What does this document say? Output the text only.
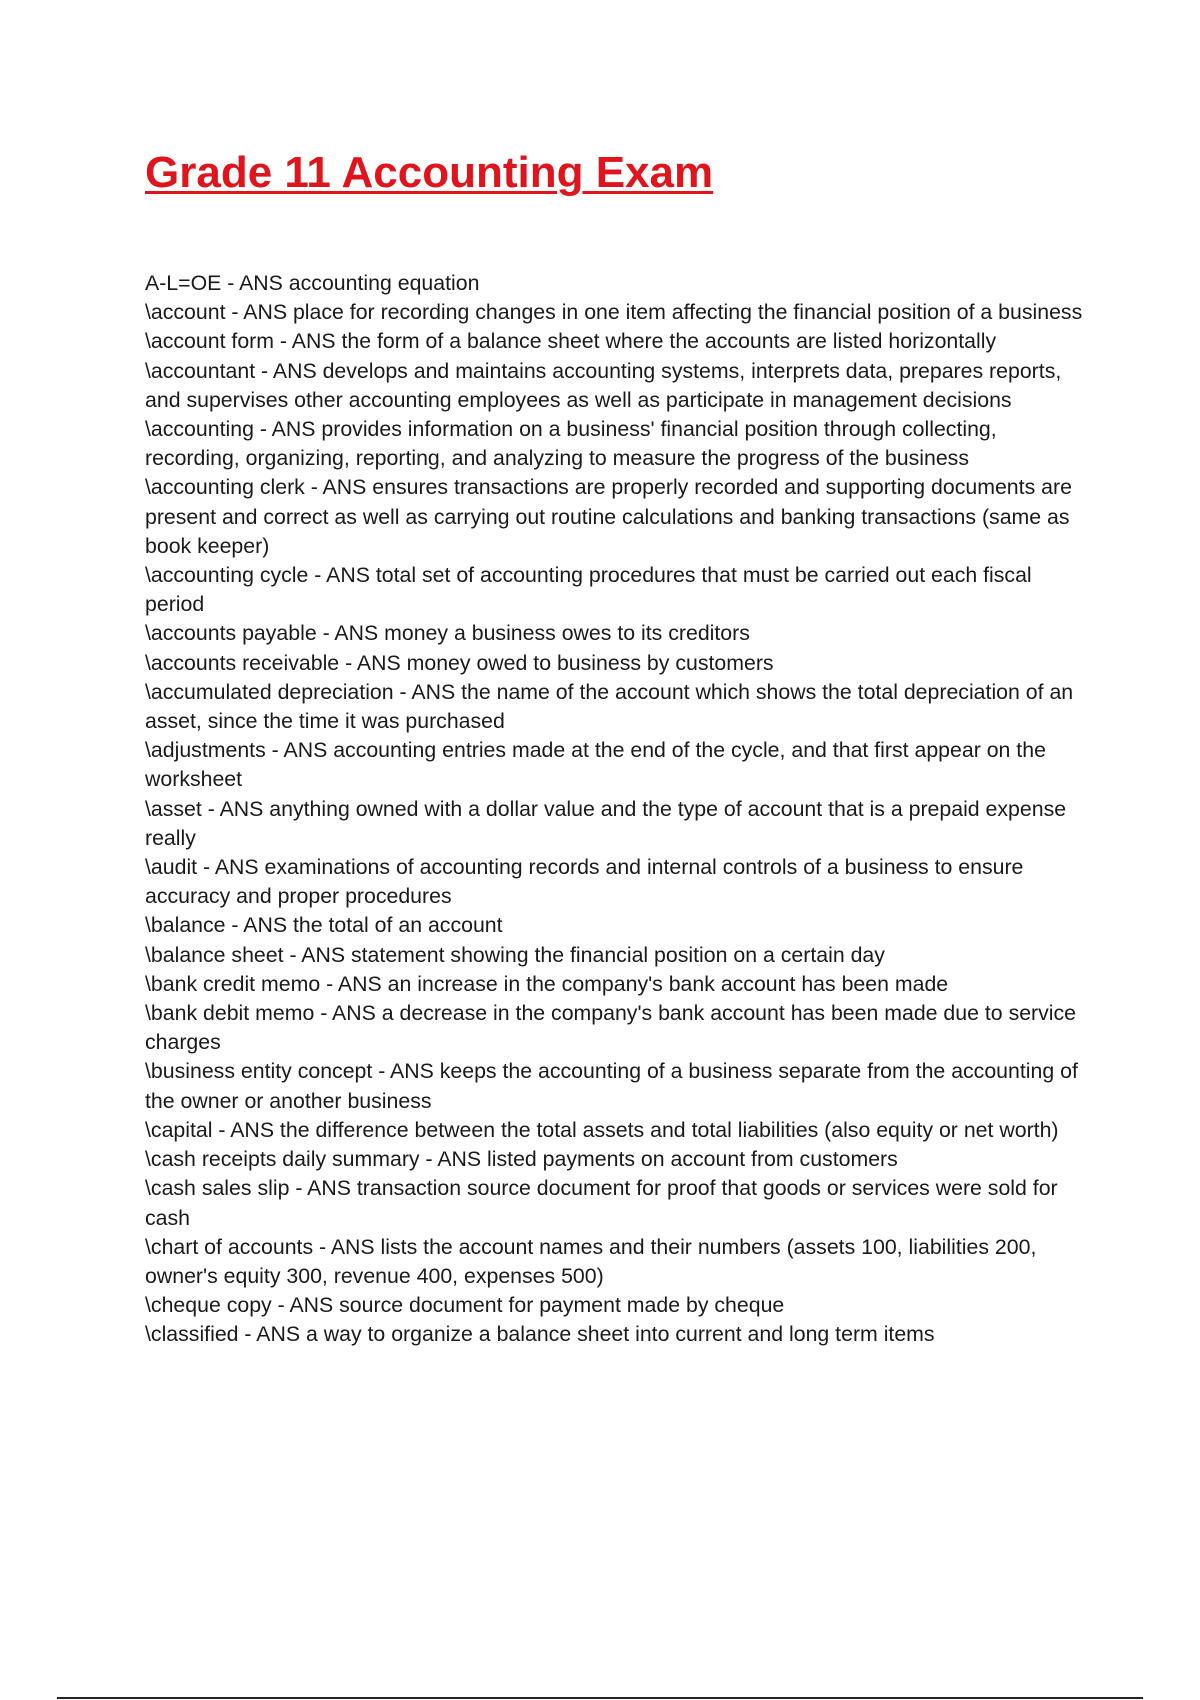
Grade 11 Accounting Exam
A-L=OE - ANS accounting equation
\account - ANS place for recording changes in one item affecting the financial position of a business
\account form - ANS the form of a balance sheet where the accounts are listed horizontally
\accountant - ANS develops and maintains accounting systems, interprets data, prepares reports, and supervises other accounting employees as well as participate in management decisions
\accounting - ANS provides information on a business' financial position through collecting, recording, organizing, reporting, and analyzing to measure the progress of the business
\accounting clerk - ANS ensures transactions are properly recorded and supporting documents are present and correct as well as carrying out routine calculations and banking transactions (same as book keeper)
\accounting cycle - ANS total set of accounting procedures that must be carried out each fiscal period
\accounts payable - ANS money a business owes to its creditors
\accounts receivable - ANS money owed to business by customers
\accumulated depreciation - ANS the name of the account which shows the total depreciation of an asset, since the time it was purchased
\adjustments - ANS accounting entries made at the end of the cycle, and that first appear on the worksheet
\asset - ANS anything owned with a dollar value and the type of account that is a prepaid expense really
\audit - ANS examinations of accounting records and internal controls of a business to ensure accuracy and proper procedures
\balance - ANS the total of an account
\balance sheet - ANS statement showing the financial position on a certain day
\bank credit memo - ANS an increase in the company's bank account has been made
\bank debit memo - ANS a decrease in the company's bank account has been made due to service charges
\business entity concept - ANS keeps the accounting of a business separate from the accounting of the owner or another business
\capital - ANS the difference between the total assets and total liabilities (also equity or net worth)
\cash receipts daily summary - ANS listed payments on account from customers
\cash sales slip - ANS transaction source document for proof that goods or services were sold for cash
\chart of accounts - ANS lists the account names and their numbers (assets 100, liabilities 200, owner's equity 300, revenue 400, expenses 500)
\cheque copy - ANS source document for payment made by cheque
\classified - ANS a way to organize a balance sheet into current and long term items
